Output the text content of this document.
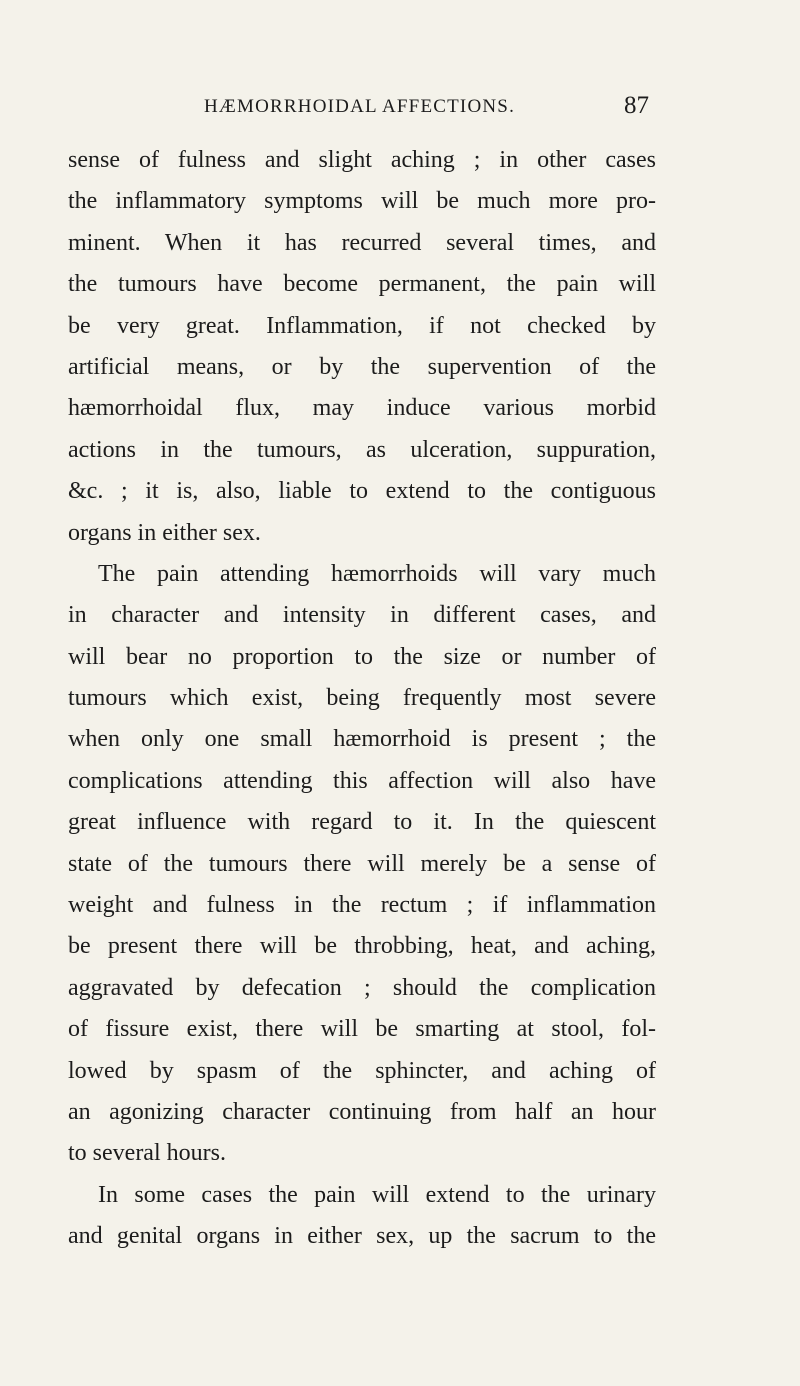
HÆMORRHOIDAL AFFECTIONS.	87
sense of fulness and slight aching ; in other cases
the inflammatory symptoms will be much more pro-
minent. When it has recurred several times, and
the tumours have become permanent, the pain will
be very great. Inflammation, if not checked by
artificial means, or by the supervention of the
hæmorrhoidal flux, may induce various morbid
actions in the tumours, as ulceration, suppuration,
&c. ; it is, also, liable to extend to the contiguous
organs in either sex.
The pain attending hæmorrhoids will vary much
in character and intensity in different cases, and
will bear no proportion to the size or number of
tumours which exist, being frequently most severe
when only one small hæmorrhoid is present ; the
complications attending this affection will also have
great influence with regard to it. In the quiescent
state of the tumours there will merely be a sense of
weight and fulness in the rectum ; if inflammation
be present there will be throbbing, heat, and aching,
aggravated by defecation ; should the complication
of fissure exist, there will be smarting at stool, fol-
lowed by spasm of the sphincter, and aching of
an agonizing character continuing from half an hour
to several hours.
In some cases the pain will extend to the urinary
and genital organs in either sex, up the sacrum to the
